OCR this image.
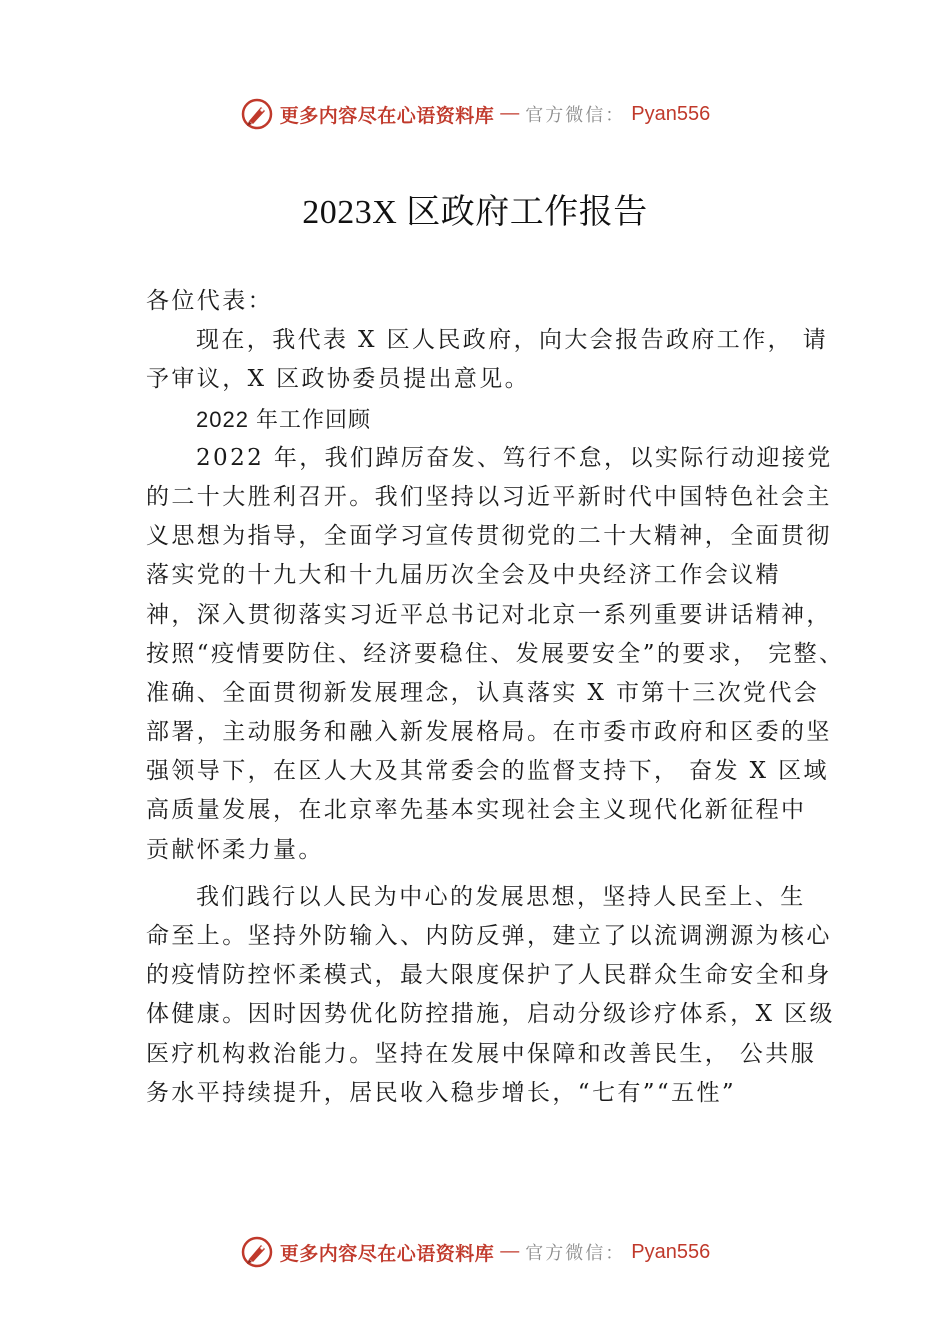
更多内容尽在心语资料库 — 官方微信： Pyan556
2023X 区政府工作报告
各位代表：
现在，我代表 X 区人民政府，向大会报告政府工作， 请
予审议，X 区政协委员提出意见。
2022 年工作回顾
2022 年，我们踔厉奋发、笃行不怠，以实际行动迎接党
的二十大胜利召开。我们坚持以习近平新时代中国特色社会主
义思想为指导，全面学习宣传贯彻党的二十大精神，全面贯彻
落实党的十九大和十九届历次全会及中央经济工作会议精
神，深入贯彻落实习近平总书记对北京一系列重要讲话精神，
按照“疫情要防住、经济要稳住、发展要安全”的要求， 完整、
准确、全面贯彻新发展理念，认真落实 X 市第十三次党代会
部署，主动服务和融入新发展格局。在市委市政府和区委的坚
强领导下，在区人大及其常委会的监督支持下， 奋发 X 区域
高质量发展，在北京率先基本实现社会主义现代化新征程中
贡献怀柔力量。
我们践行以人民为中心的发展思想，坚持人民至上、生
命至上。坚持外防输入、内防反弹，建立了以流调溯源为核心
的疫情防控怀柔模式，最大限度保护了人民群众生命安全和身
体健康。因时因势优化防控措施，启动分级诊疗体系，X 区级
医疗机构救治能力。坚持在发展中保障和改善民生， 公共服
务水平持续提升，居民收入稳步增长，“七有”“五性”
更多内容尽在心语资料库 — 官方微信： Pyan556
